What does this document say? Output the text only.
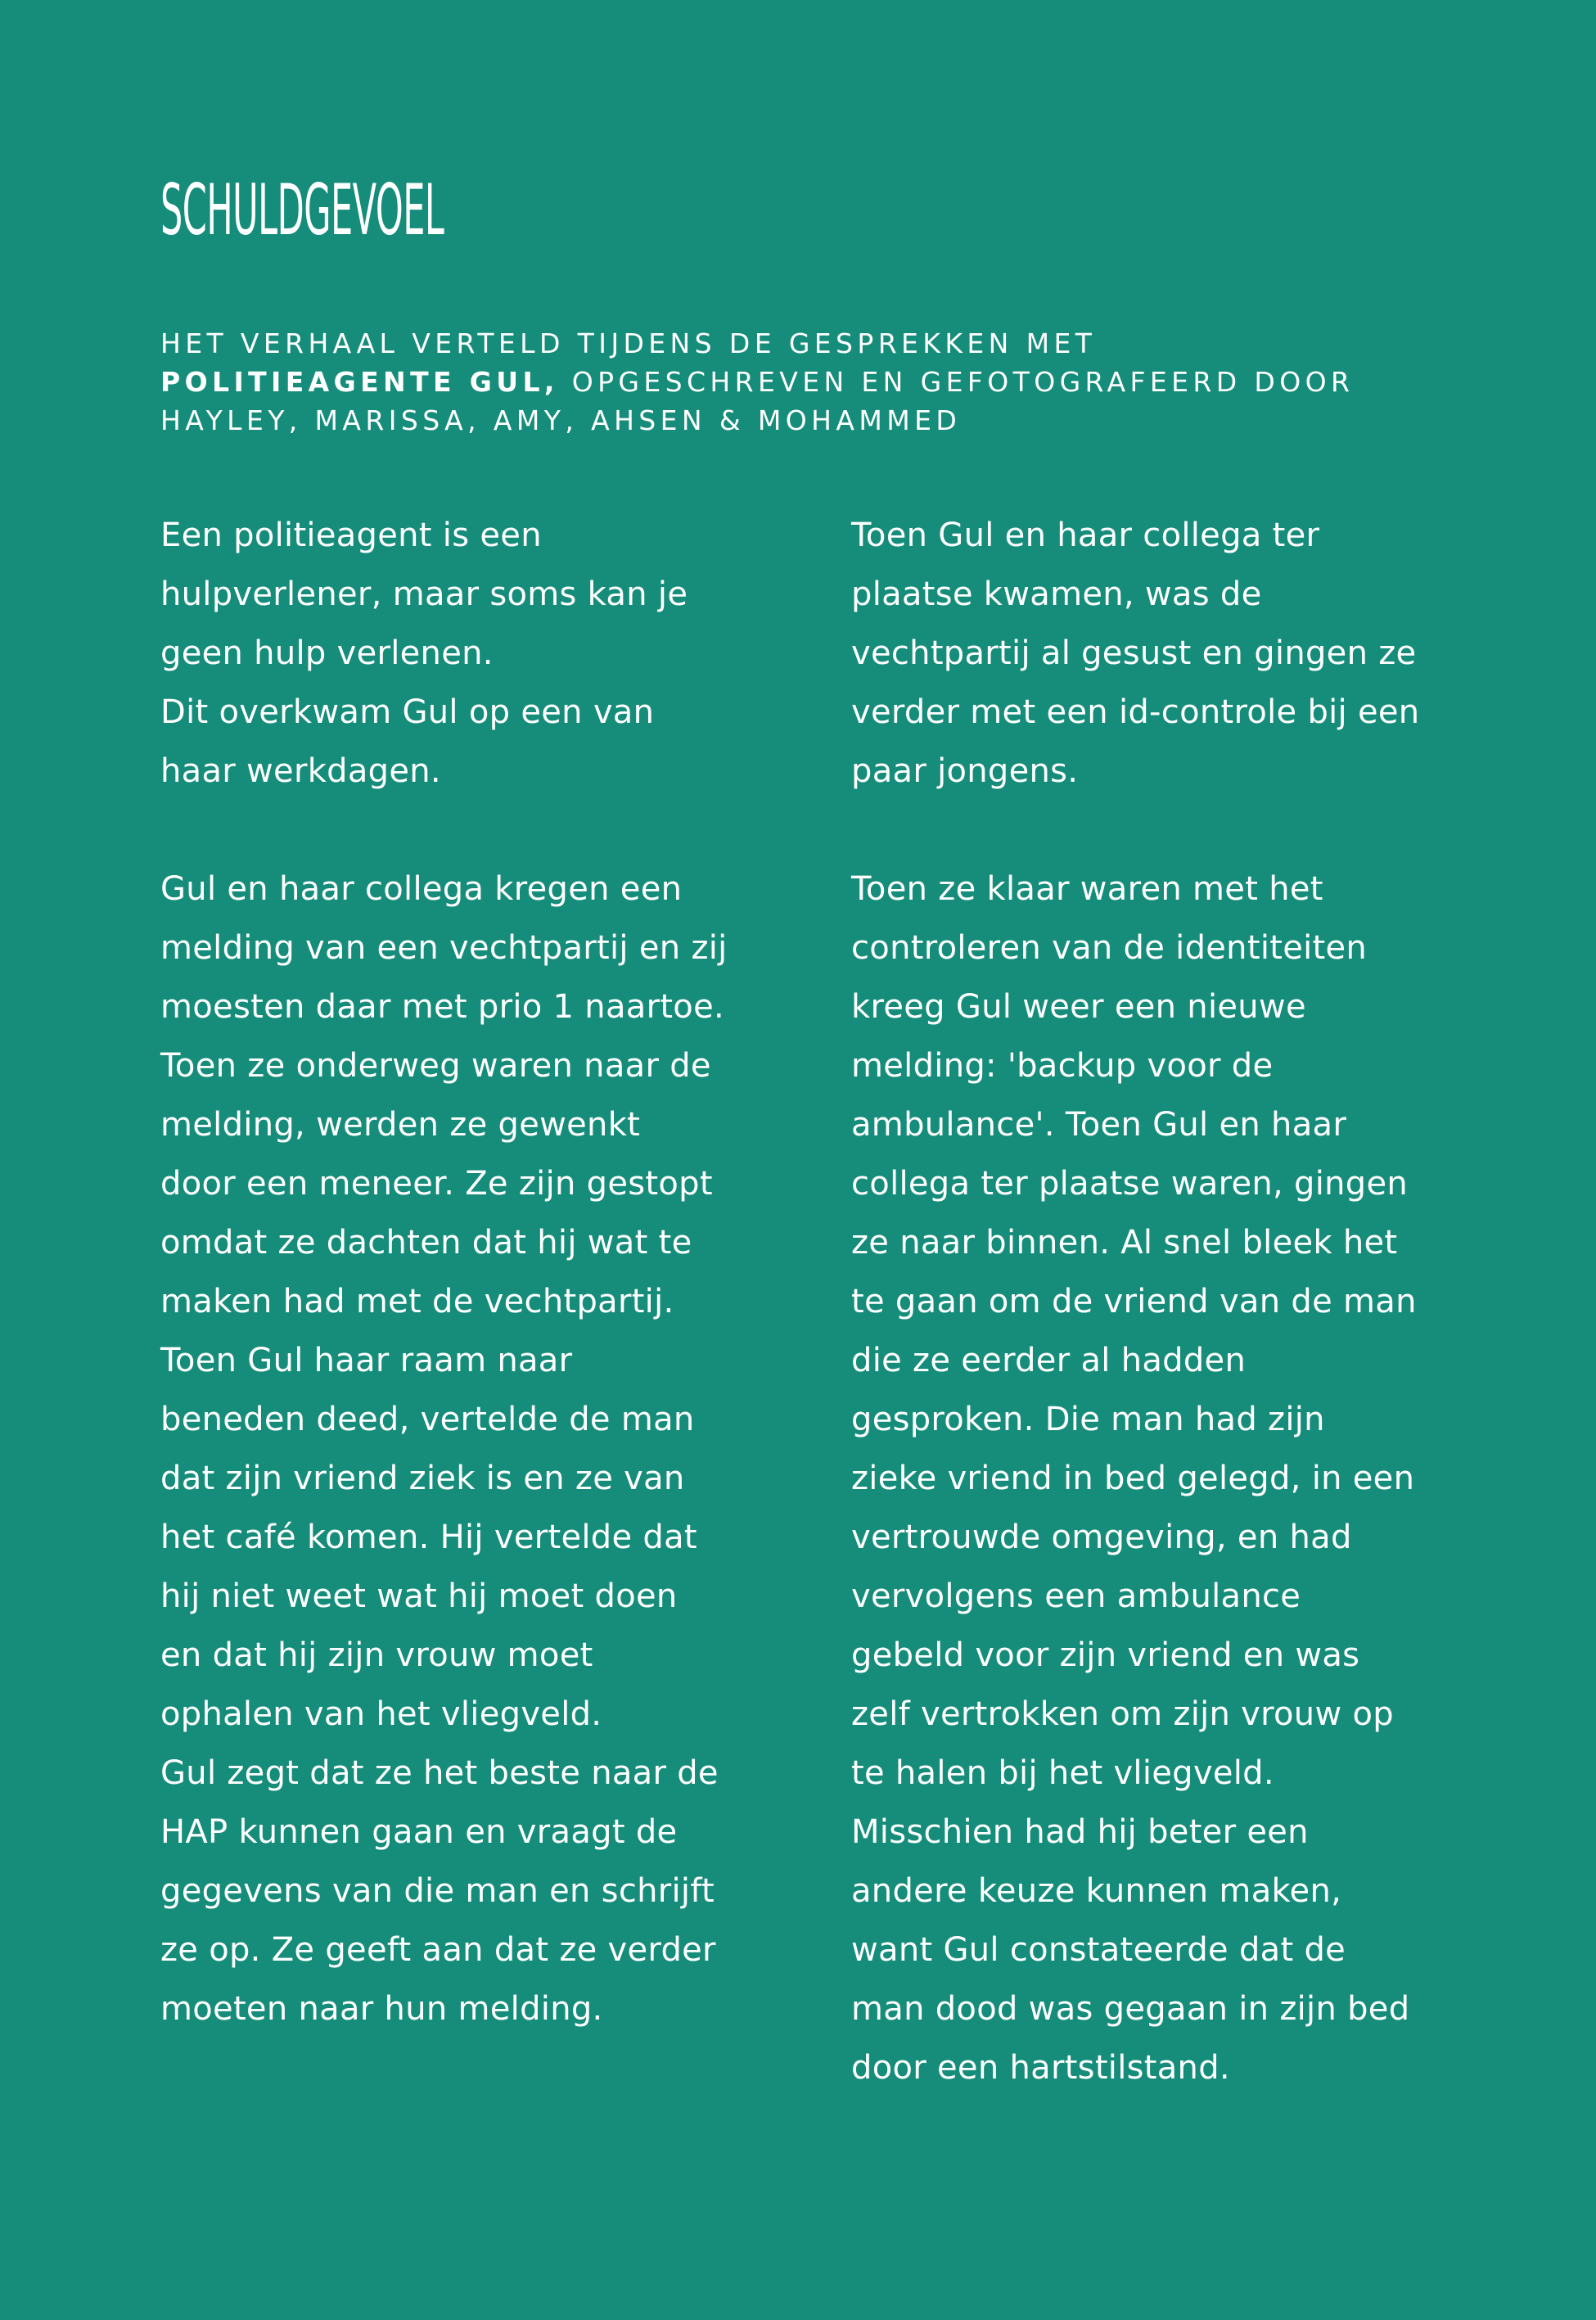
SCHULDGEVOEL

HET VERHAAL VERTELD TIJDENS DE GESPREKKEN MET
POLITIEAGENTE GUL, OPGESCHREVEN EN GEFOTOGRAFEERD DOOR
HAYLEY, MARISSA, AMY, AHSEN & MOHAMMED

Een politieagent is een
hulpverlener, maar soms kan je
geen hulp verlenen.
Dit overkwam Gul op een van
haar werkdagen.
Gul en haar collega kregen een
melding van een vechtpartij en zij
moesten daar met prio 1 naartoe.
Toen ze onderweg waren naar de
melding, werden ze gewenkt
door een meneer. Ze zijn gestopt
omdat ze dachten dat hij wat te
maken had met de vechtpartij.
Toen Gul haar raam naar
beneden deed, vertelde de man
dat zijn vriend ziek is en ze van
het café komen. Hij vertelde dat
hij niet weet wat hij moet doen
en dat hij zijn vrouw moet
ophalen van het vliegveld.
Gul zegt dat ze het beste naar de
HAP kunnen gaan en vraagt de
gegevens van die man en schrijft
ze op. Ze geeft aan dat ze verder
moeten naar hun melding.
Toen Gul en haar collega ter
plaatse kwamen, was de
vechtpartij al gesust en gingen ze
verder met een id-controle bij een
paar jongens.
Toen ze klaar waren met het
controleren van de identiteiten
kreeg Gul weer een nieuwe
melding: 'backup voor de
ambulance'. Toen Gul en haar
collega ter plaatse waren, gingen
ze naar binnen. Al snel bleek het
te gaan om de vriend van de man
die ze eerder al hadden
gesproken. Die man had zijn
zieke vriend in bed gelegd, in een
vertrouwde omgeving, en had
vervolgens een ambulance
gebeld voor zijn vriend en was
zelf vertrokken om zijn vrouw op
te halen bij het vliegveld.
Misschien had hij beter een
andere keuze kunnen maken,
want Gul constateerde dat de
man dood was gegaan in zijn bed
door een hartstilstand.
